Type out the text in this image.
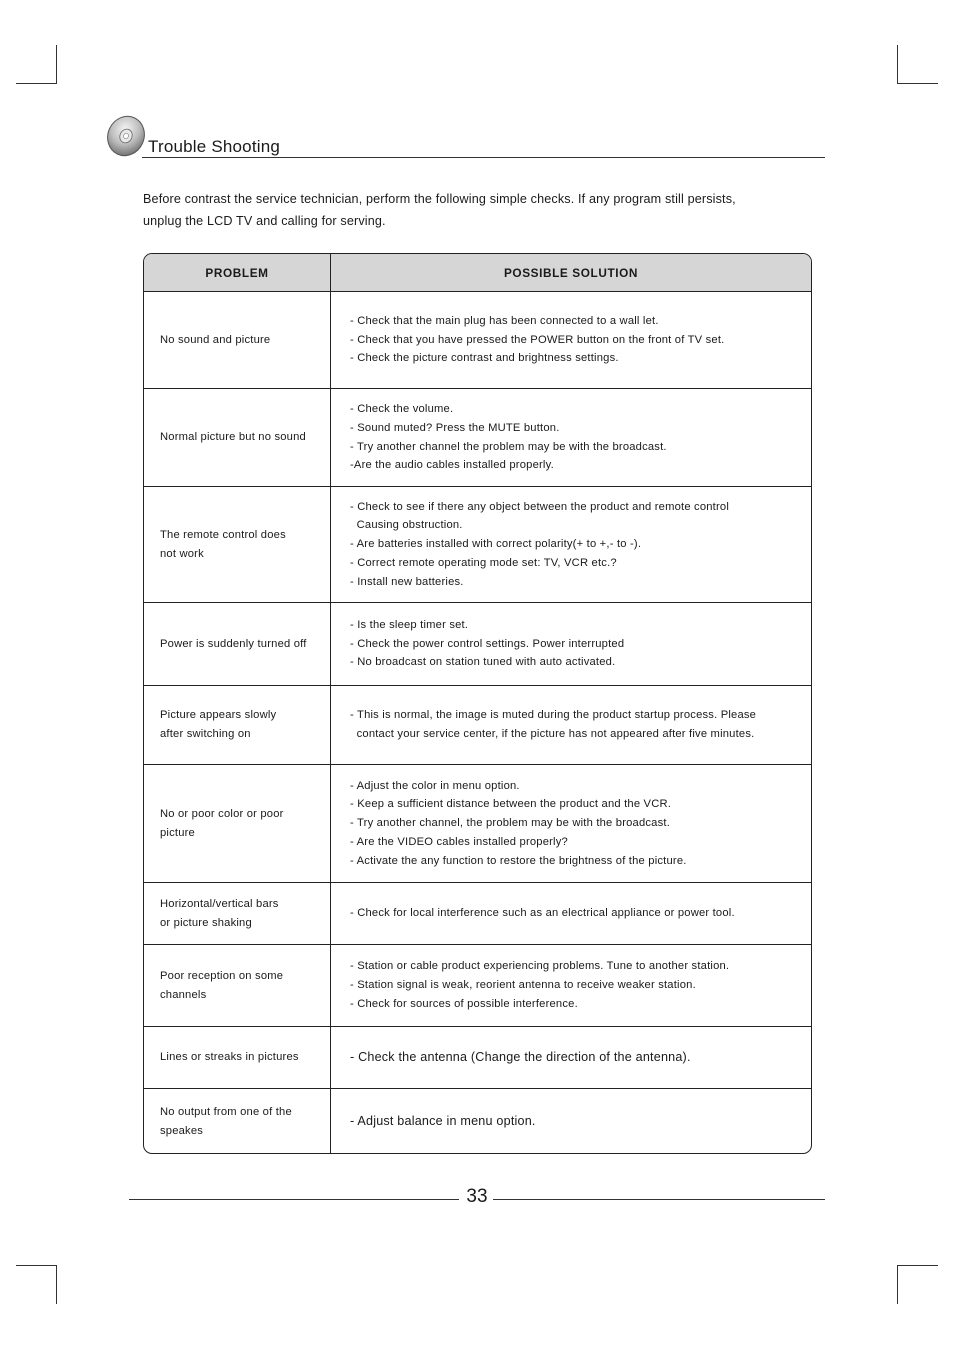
Trouble Shooting

Before contrast the service technician, perform the following simple checks. If any program still persists,

unplug the LCD TV and calling for serving.

PROBLEM	POSSIBLE SOLUTION
No sound and picture
- Check that the main plug has been connected to a wall let.
- Check that you have pressed the POWER button on the front of TV set.
- Check the picture contrast and brightness settings.
Normal picture but no sound
- Check the volume.
- Sound muted? Press the MUTE button.
- Try another channel the problem may be with the broadcast.
-Are the audio cables installed properly.
The remote control does
not work
- Check to see if there any object between the product and remote control
Causing obstruction.
- Are batteries installed with correct polarity(+ to +,- to -).
- Correct remote operating mode set: TV, VCR etc.?
- Install new batteries.
Power is suddenly turned off
- Is the sleep timer set.
- Check the power control settings. Power interrupted
- No broadcast on station tuned with auto activated.
Picture appears slowly
after switching on
- This is normal, the image is muted during the product startup process. Please
contact your service center, if the picture has not appeared after five minutes.
No or poor color or poor
picture
- Adjust the color in menu option.
- Keep a sufficient distance between the product and the VCR.
- Try another channel, the problem may be with the broadcast.
- Are the VIDEO cables installed properly?
- Activate the any function to restore the brightness of the picture.
Horizontal/vertical bars
or picture shaking
- Check for local interference such as an electrical appliance or power tool.
Poor reception on some
channels
- Station or cable product experiencing problems. Tune to another station.
- Station signal is weak, reorient antenna to receive weaker station.
- Check for sources of possible interference.
Lines or streaks in pictures	- Check the antenna (Change the direction of the antenna).
No output from one of the
speakes
- Adjust balance in menu option.
33
